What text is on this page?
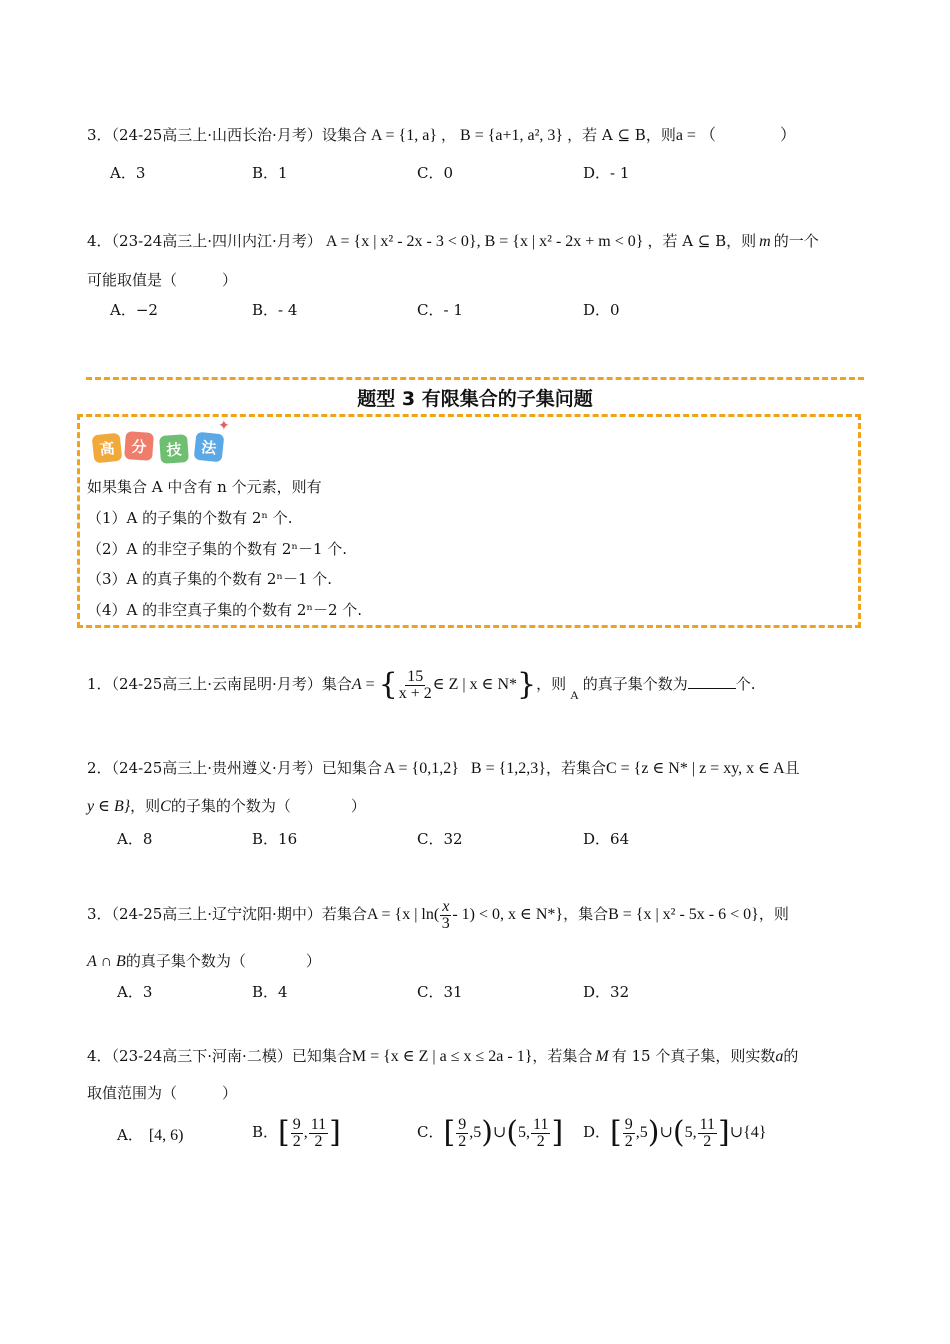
3．（24-25高三上·山西长治·月考）设集合 A = {1, a} ， B = {a+1, a², 3} ，若 A ⊆ B，则a = （　　　　）
A．3	B．1	C．0	D．- 1
4．（23-24高三上·四川内江·月考） A = {x | x² - 2x - 3 < 0}, B = {x | x² - 2x + m < 0} ，若 A ⊆ B，则 m 的一个
可能取值是（　　　）
A．−2	B．- 4	C．- 1	D．0
题型 3 有限集合的子集问题
高	分	技	法
✦
如果集合 A 中含有 n 个元素，则有
（1）A 的子集的个数有 2ⁿ 个.
（2）A 的非空子集的个数有 2ⁿ－1 个.
（3）A 的真子集的个数有 2ⁿ－1 个.
（4）A 的非空真子集的个数有 2ⁿ－2 个.
1．（24-25高三上·云南昆明·月考）集合A = { $\frac{15}{x + 2}$ ∈ Z | x ∈ N*}，则$_A$的真子集个数为	个.
2．（24-25高三上·贵州遵义·月考）已知集合 A = {0,1,2} B = {1,2,3}，若集合C = {z ∈ N* | z = xy, x ∈ A且
y ∈ B}，则C的子集的个数为（　　　　）
A．8	B．16	C．32	D．64
3．（24-25高三上·辽宁沈阳·期中）若集合A = {x | $\ln( \frac{x}{3} - 1) < 0$, x ∈ N*}，集合B = {x | x² - 5x - 6 < 0}，则
A ∩ B的真子集个数为（　　　　）
A．3	B．4	C．31	D．32
4．（23-24高三下·河南·二模）已知集合M = {x ∈ Z | a ≤ x ≤ 2a - 1}，若集合 M 有 15 个真子集，则实数a的
取值范围为（　　　）
A． [4, 6)	B．[ $\frac{9}{2}$ , $\frac{11}{2}$ ]	C．[ $\frac{9}{2}$ ,5)∪(5, $\frac{11}{2}$ ] D．[ $\frac{9}{2}$ ,5)∪(5, $\frac{11}{2}$ ]∪{4}
